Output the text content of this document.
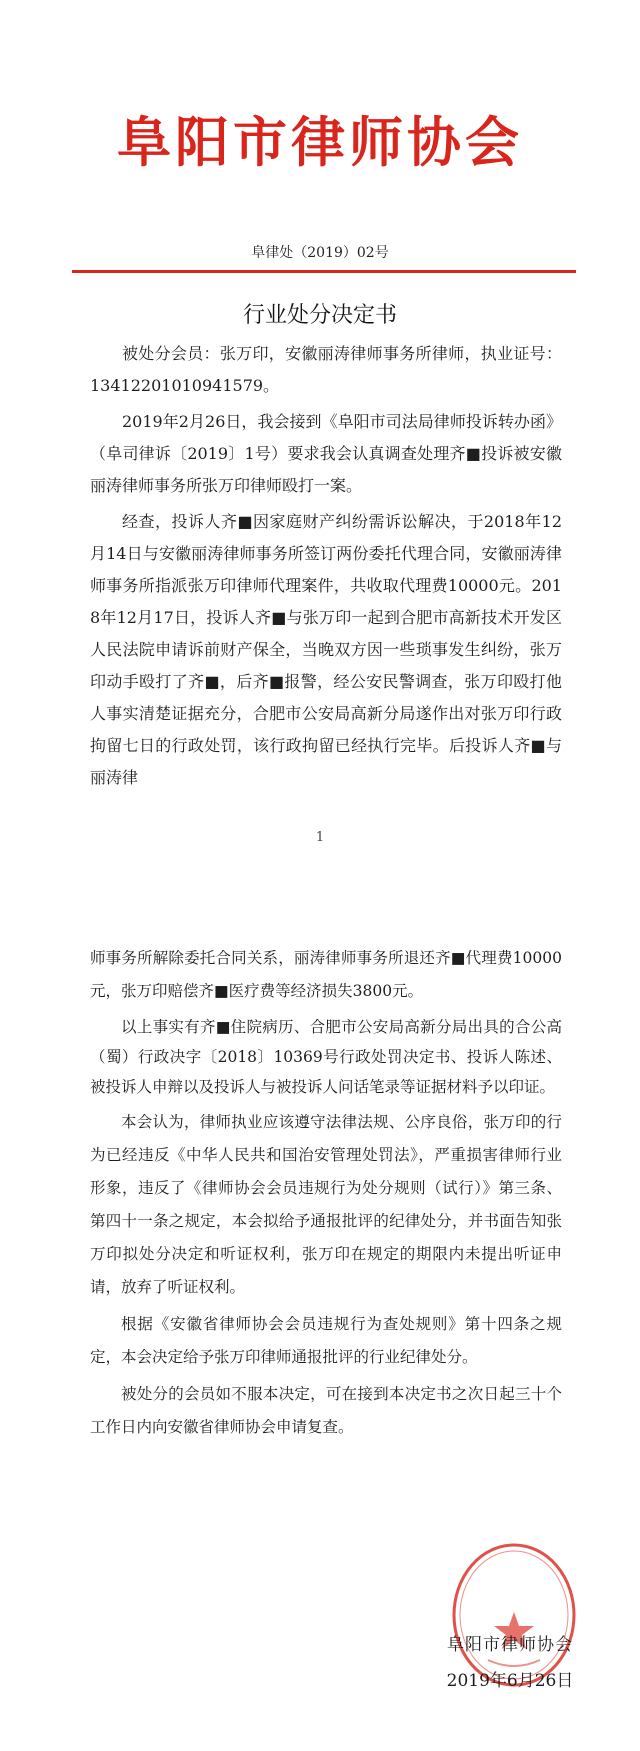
阜阳市律师协会
阜律处（2019）02号
行业处分决定书

被处分会员：张万印，安徽丽涛律师事务所律师，执业证号：13412201010941579。

2019年2月26日，我会接到《阜阳市司法局律师投诉转办函》（阜司律诉〔2019〕1号）要求我会认真调查处理齐■投诉被安徽丽涛律师事务所张万印律师殴打一案。

经查，投诉人齐■因家庭财产纠纷需诉讼解决，于2018年12月14日与安徽丽涛律师事务所签订两份委托代理合同，安徽丽涛律师事务所指派张万印律师代理案件，共收取代理费10000元。2018年12月17日，投诉人齐■与张万印一起到合肥市高新技术开发区人民法院申请诉前财产保全，当晚双方因一些琐事发生纠纷，张万印动手殴打了齐■，后齐■报警，经公安民警调查，张万印殴打他人事实清楚证据充分，合肥市公安局高新分局遂作出对张万印行政拘留七日的行政处罚，该行政拘留已经执行完毕。后投诉人齐■与丽涛律

1

师事务所解除委托合同关系，丽涛律师事务所退还齐■代理费10000元，张万印赔偿齐■医疗费等经济损失3800元。

以上事实有齐■住院病历、合肥市公安局高新分局出具的合公高（蜀）行政决字〔2018〕10369号行政处罚决定书、投诉人陈述、被投诉人申辩以及投诉人与被投诉人问话笔录等证据材料予以印证。

本会认为，律师执业应该遵守法律法规、公序良俗，张万印的行为已经违反《中华人民共和国治安管理处罚法》，严重损害律师行业形象，违反了《律师协会会员违规行为处分规则（试行）》第三条、第四十一条之规定，本会拟给予通报批评的纪律处分，并书面告知张万印拟处分决定和听证权利，张万印在规定的期限内未提出听证申请，放弃了听证权利。

根据《安徽省律师协会会员违规行为查处规则》第十四条之规定，本会决定给予张万印律师通报批评的行业纪律处分。

被处分的会员如不服本决定，可在接到本决定书之次日起三十个工作日内向安徽省律师协会申请复查。

阜阳市律师协会
2019年6月26日
